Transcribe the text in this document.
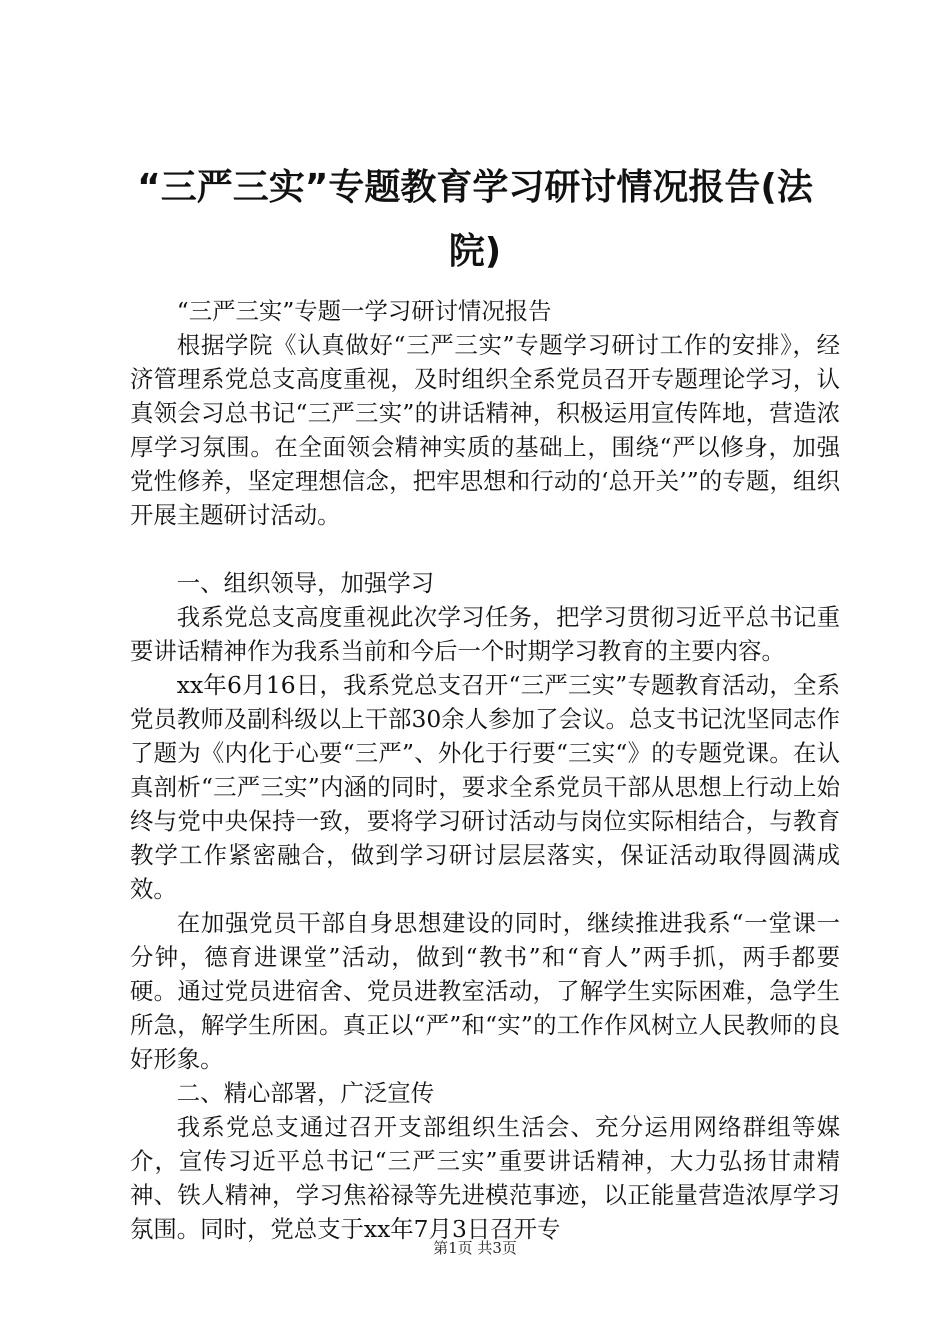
“三严三实”专题教育学习研讨情况报告(法院)

“三严三实”专题一学习研讨情况报告

根据学院《认真做好“三严三实”专题学习研讨工作的安排》，经济管理系党总支高度重视，及时组织全系党员召开专题理论学习，认真领会习总书记“三严三实”的讲话精神，积极运用宣传阵地，营造浓厚学习氛围。在全面领会精神实质的基础上，围绕“严以修身，加强党性修养，坚定理想信念，把牢思想和行动的‘总开关’”的专题，组织开展主题研讨活动。

一、组织领导，加强学习

我系党总支高度重视此次学习任务，把学习贯彻习近平总书记重要讲话精神作为我系当前和今后一个时期学习教育的主要内容。

xx年6月16日，我系党总支召开“三严三实”专题教育活动，全系党员教师及副科级以上干部30余人参加了会议。总支书记沈坚同志作了题为《内化于心要“三严”、外化于行要“三实“》的专题党课。在认真剖析“三严三实”内涵的同时，要求全系党员干部从思想上行动上始终与党中央保持一致，要将学习研讨活动与岗位实际相结合，与教育教学工作紧密融合，做到学习研讨层层落实，保证活动取得圆满成效。

在加强党员干部自身思想建设的同时，继续推进我系“一堂课一分钟，德育进课堂”活动，做到“教书”和“育人”两手抓，两手都要硬。通过党员进宿舍、党员进教室活动，了解学生实际困难，急学生所急，解学生所困。真正以“严”和“实”的工作作风树立人民教师的良好形象。

二、精心部署，广泛宣传

我系党总支通过召开支部组织生活会、充分运用网络群组等媒介，宣传习近平总书记“三严三实”重要讲话精神，大力弘扬甘肃精神、铁人精神，学习焦裕禄等先进模范事迹，以正能量营造浓厚学习氛围。同时，党总支于xx年7月3日召开专

第1页 共3页
